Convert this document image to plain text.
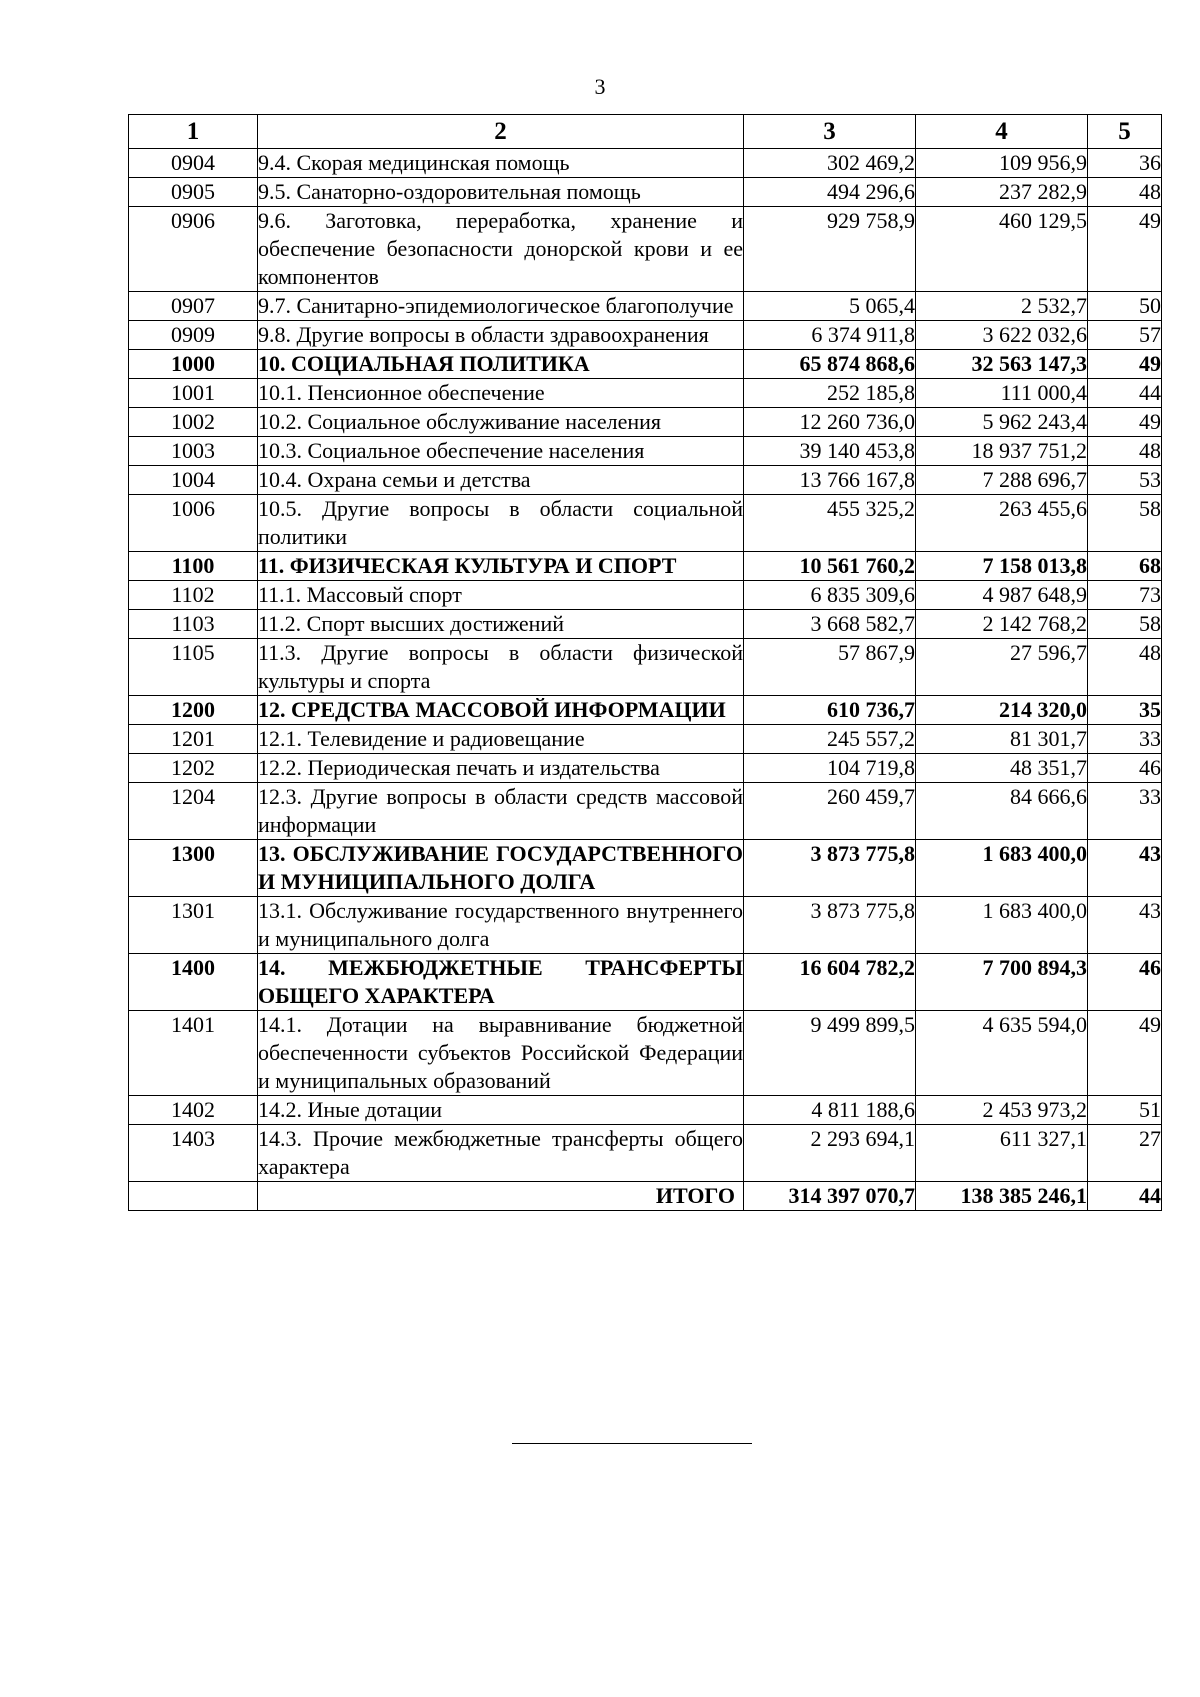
3
1	2	3	4	5
0904	9.4. Скорая медицинская помощь	302 469,2	109 956,9	36
0905	9.5. Санаторно-оздоровительная помощь	494 296,6	237 282,9	48
0906	9.6. Заготовка, переработка, хранение и обеспечение безопасности донорской крови и ее компонентов	929 758,9	460 129,5	49
0907	9.7. Санитарно-эпидемиологическое благополучие	5 065,4	2 532,7	50
0909	9.8. Другие вопросы в области здравоохранения	6 374 911,8	3 622 032,6	57
1000	10. СОЦИАЛЬНАЯ ПОЛИТИКА	65 874 868,6	32 563 147,3	49
1001	10.1. Пенсионное обеспечение	252 185,8	111 000,4	44
1002	10.2. Социальное обслуживание населения	12 260 736,0	5 962 243,4	49
1003	10.3. Социальное обеспечение населения	39 140 453,8	18 937 751,2	48
1004	10.4. Охрана семьи и детства	13 766 167,8	7 288 696,7	53
1006	10.5. Другие вопросы в области социальной политики	455 325,2	263 455,6	58
1100	11. ФИЗИЧЕСКАЯ КУЛЬТУРА И СПОРТ	10 561 760,2	7 158 013,8	68
1102	11.1. Массовый спорт	6 835 309,6	4 987 648,9	73
1103	11.2. Спорт высших достижений	3 668 582,7	2 142 768,2	58
1105	11.3. Другие вопросы в области физической культуры и спорта	57 867,9	27 596,7	48
1200	12. СРЕДСТВА МАССОВОЙ ИНФОРМАЦИИ	610 736,7	214 320,0	35
1201	12.1. Телевидение и радиовещание	245 557,2	81 301,7	33
1202	12.2. Периодическая печать и издательства	104 719,8	48 351,7	46
1204	12.3. Другие вопросы в области средств массовой информации	260 459,7	84 666,6	33
1300	13. ОБСЛУЖИВАНИЕ ГОСУДАРСТВЕННОГО И МУНИЦИПАЛЬНОГО ДОЛГА	3 873 775,8	1 683 400,0	43
1301	13.1. Обслуживание государственного внутреннего и муниципального долга	3 873 775,8	1 683 400,0	43
1400	14. МЕЖБЮДЖЕТНЫЕ ТРАНСФЕРТЫ ОБЩЕГО ХАРАКТЕРА	16 604 782,2	7 700 894,3	46
1401	14.1. Дотации на выравнивание бюджетной обеспеченности субъектов Российской Федерации и муниципальных образований	9 499 899,5	4 635 594,0	49
1402	14.2. Иные дотации	4 811 188,6	2 453 973,2	51
1403	14.3. Прочие межбюджетные трансферты общего характера	2 293 694,1	611 327,1	27
	ИТОГО	314 397 070,7	138 385 246,1	44
